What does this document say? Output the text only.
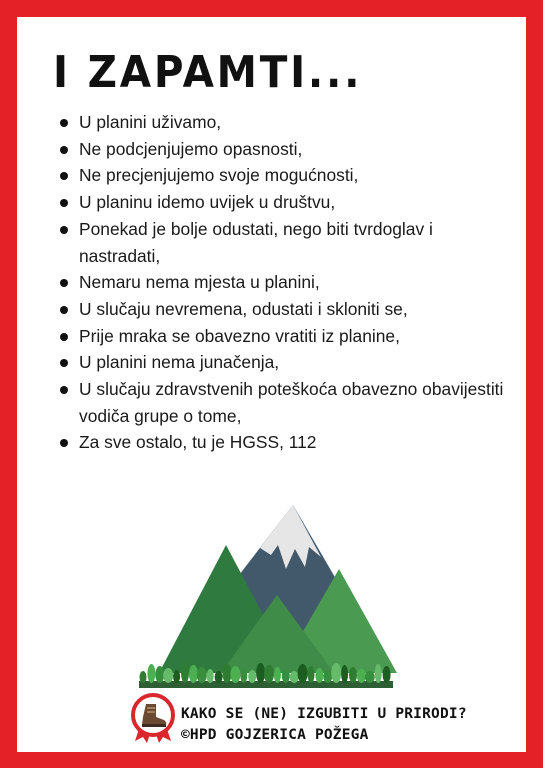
I ZAPAMTI...
U planini uživamo,
Ne podcjenjujemo opasnosti,
Ne precjenjujemo svoje mogućnosti,
U planinu idemo uvijek u društvu,
Ponekad je bolje odustati, nego biti tvrdoglav i nastradati,
Nemaru nema mjesta u planini,
U slučaju nevremena, odustati i skloniti se,
Prije mraka se obavezno vratiti iz planine,
U planini nema junačenja,
U slučaju zdravstvenih poteškoća obavezno obavijestiti vodiča grupe o tome,
Za sve ostalo, tu je HGSS, 112
KAKO SE (NE) IZGUBITI U PRIRODI?
©HPD GOJZERICA POŽEGA
